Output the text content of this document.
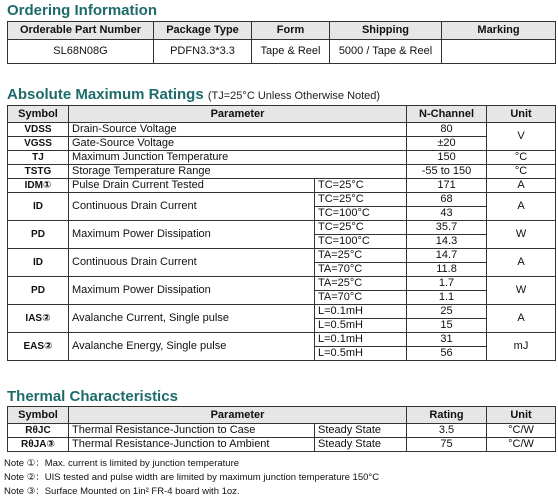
Ordering Information
Orderable Part Number	Package Type	Form	Shipping	Marking
SL68N08G	PDFN3.3*3.3	Tape & Reel	5000 / Tape & Reel	
Absolute Maximum Ratings (TJ=25°C Unless Otherwise Noted)
Symbol	Parameter		N-Channel	Unit
VDSS	Drain-Source Voltage		80	V
VGSS	Gate-Source Voltage		±20	
TJ	Maximum Junction Temperature		150	°C
TSTG	Storage Temperature Range		-55 to 150	°C
IDM①	Pulse Drain Current Tested	TC=25°C	171	A
ID	Continuous Drain Current	TC=25°C	68	A
		TC=100°C	43	
PD	Maximum Power Dissipation	TC=25°C	35.7	W
		TC=100°C	14.3	
ID	Continuous Drain Current	TA=25°C	14.7	A
		TA=70°C	11.8	
PD	Maximum Power Dissipation	TA=25°C	1.7	W
		TA=70°C	1.1	
IAS②	Avalanche Current, Single pulse	L=0.1mH	25	A
		L=0.5mH	15	
EAS②	Avalanche Energy, Single pulse	L=0.1mH	31	mJ
		L=0.5mH	56	
Thermal Characteristics
Symbol	Parameter		Rating	Unit
RθJC	Thermal Resistance-Junction to Case	Steady State	3.5	°C/W
RθJA③	Thermal Resistance-Junction to Ambient	Steady State	75	°C/W
Note ①：Max. current is limited by junction temperature
Note ②：UIS tested and pulse width are limited by maximum junction temperature 150°C
Note ③：Surface Mounted on 1in² FR-4 board with 1oz.
